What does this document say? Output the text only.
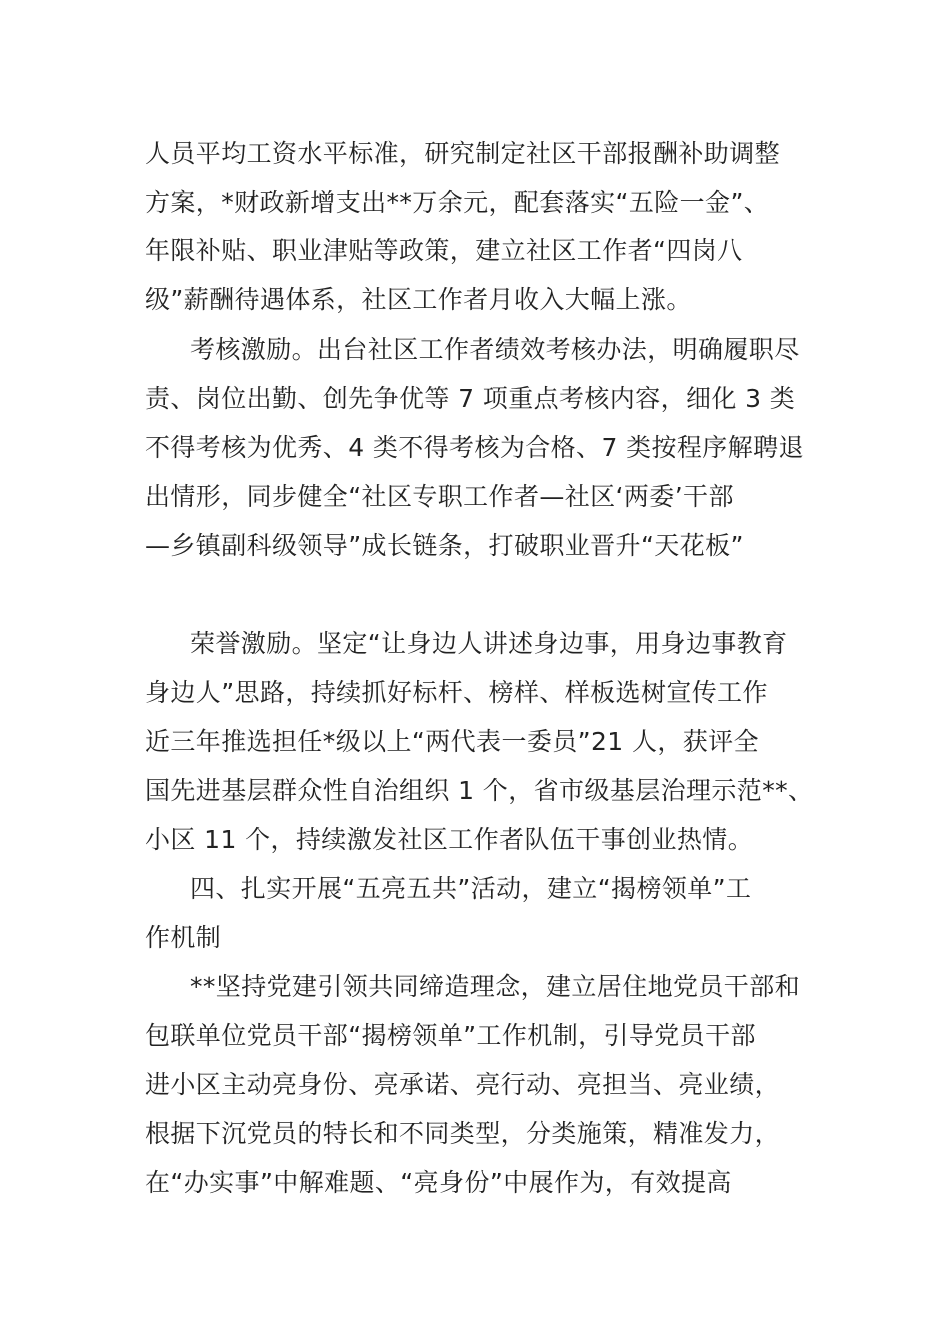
人员平均工资水平标准，研究制定社区干部报酬补助调整
方案，*财政新增支出**万余元，配套落实“五险一金”、
年限补贴、职业津贴等政策，建立社区工作者“四岗八
级”薪酬待遇体系，社区工作者月收入大幅上涨。
考核激励。出台社区工作者绩效考核办法，明确履职尽
责、岗位出勤、创先争优等 7 项重点考核内容，细化 3 类
不得考核为优秀、4 类不得考核为合格、7 类按程序解聘退
出情形，同步健全“社区专职工作者—社区‘两委’干部
—乡镇副科级领导”成长链条，打破职业晋升“天花板”
荣誉激励。坚定“让身边人讲述身边事，用身边事教育
身边人”思路，持续抓好标杆、榜样、样板选树宣传工作
近三年推选担任*级以上“两代表一委员”21 人，获评全
国先进基层群众性自治组织 1 个，省市级基层治理示范**、
小区 11 个，持续激发社区工作者队伍干事创业热情。
四、扎实开展“五亮五共”活动，建立“揭榜领单”工
作机制
**坚持党建引领共同缔造理念，建立居住地党员干部和
包联单位党员干部“揭榜领单”工作机制，引导党员干部
进小区主动亮身份、亮承诺、亮行动、亮担当、亮业绩，
根据下沉党员的特长和不同类型，分类施策，精准发力，
在“办实事”中解难题、“亮身份”中展作为，有效提高
